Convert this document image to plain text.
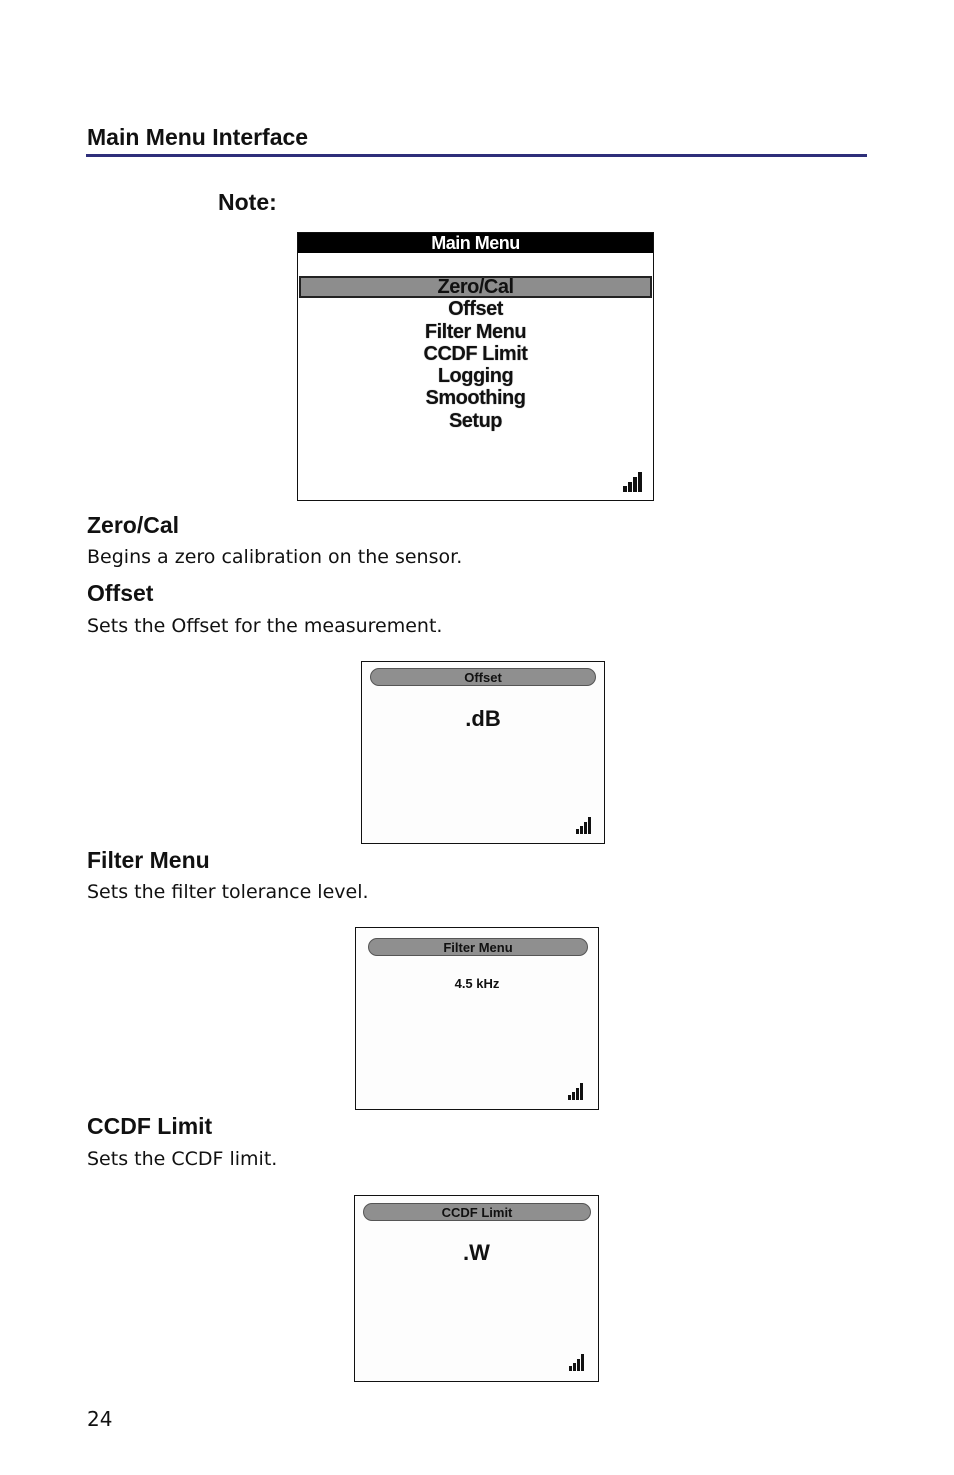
Main Menu Interface
Note:
Main Menu
Zero/Cal
Offset
Filter Menu
CCDF Limit
Logging
Smoothing
Setup
Zero/Cal
Begins a zero calibration on the sensor.
Offset
Sets the Offset for the measurement.
Offset
.dB
Filter Menu
Sets the filter tolerance level.
Filter Menu
4.5 kHz
CCDF Limit
Sets the CCDF limit.
CCDF Limit
.W
24
